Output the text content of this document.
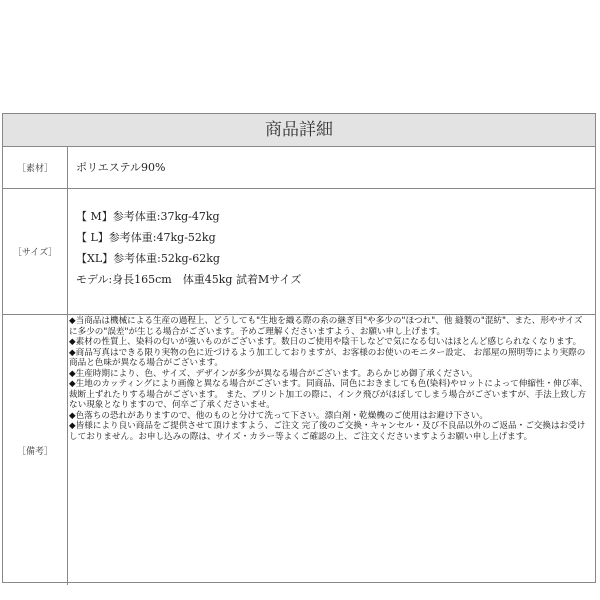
商品詳細
［素材］	ポリエステル90%
［サイズ］
【 M】参考体重:37kg-47kg
【 L】参考体重:47kg-52kg
【XL】参考体重:52kg-62kg
モデル:身長165cm　体重45kg 試着Mサイズ
［備考］
◆当商品は機械による生産の過程上、どうしても"生地を織る際の糸の継ぎ目"や多少の"ほつれ"、他 縫製の"混紡"、また、形やサイズに多少の"誤差"が生じる場合がございます。予めご理解くださいますよう、お願い申し上げます。
◆素材の性質上、染料の匂いが強いものがございます。数日のご使用や陰干しなどで気になる匂いはほとんど感じられなくなります。
◆商品写真はできる限り実物の色に近づけるよう加工しておりますが、お客様のお使いのモニター設定、 お部屋の照明等により実際の商品と色味が異なる場合がございます。
◆生産時期により、色、サイズ、デザインが多少が異なる場合がございます。あらかじめ御了承ください。
◆生地のカッティングにより画像と異なる場合がございます。同商品、同色におきましても色(染料)やロットによって伸縮性・伸び率、裁断上ずれたりする場合がございます。 また、プリント加工の際に、インク飛びがほぼしてしまう場合がございますが、手法上致し方ない現象となりますので、何卒ご了承くださいませ。
◆色落ちの恐れがありますので、他のものと分けて洗って下さい。漂白剤・乾燥機のご使用はお避け下さい。
◆皆様により良い商品をご提供させて頂けますよう、ご注文 完了後のご交換・キャンセル・及び不良品以外のご返品・ご交換はお受けしておりません。お申し込みの際は、サイズ・カラー等よくご確認の上、ご注文くださいますようお願い申し上げます。
